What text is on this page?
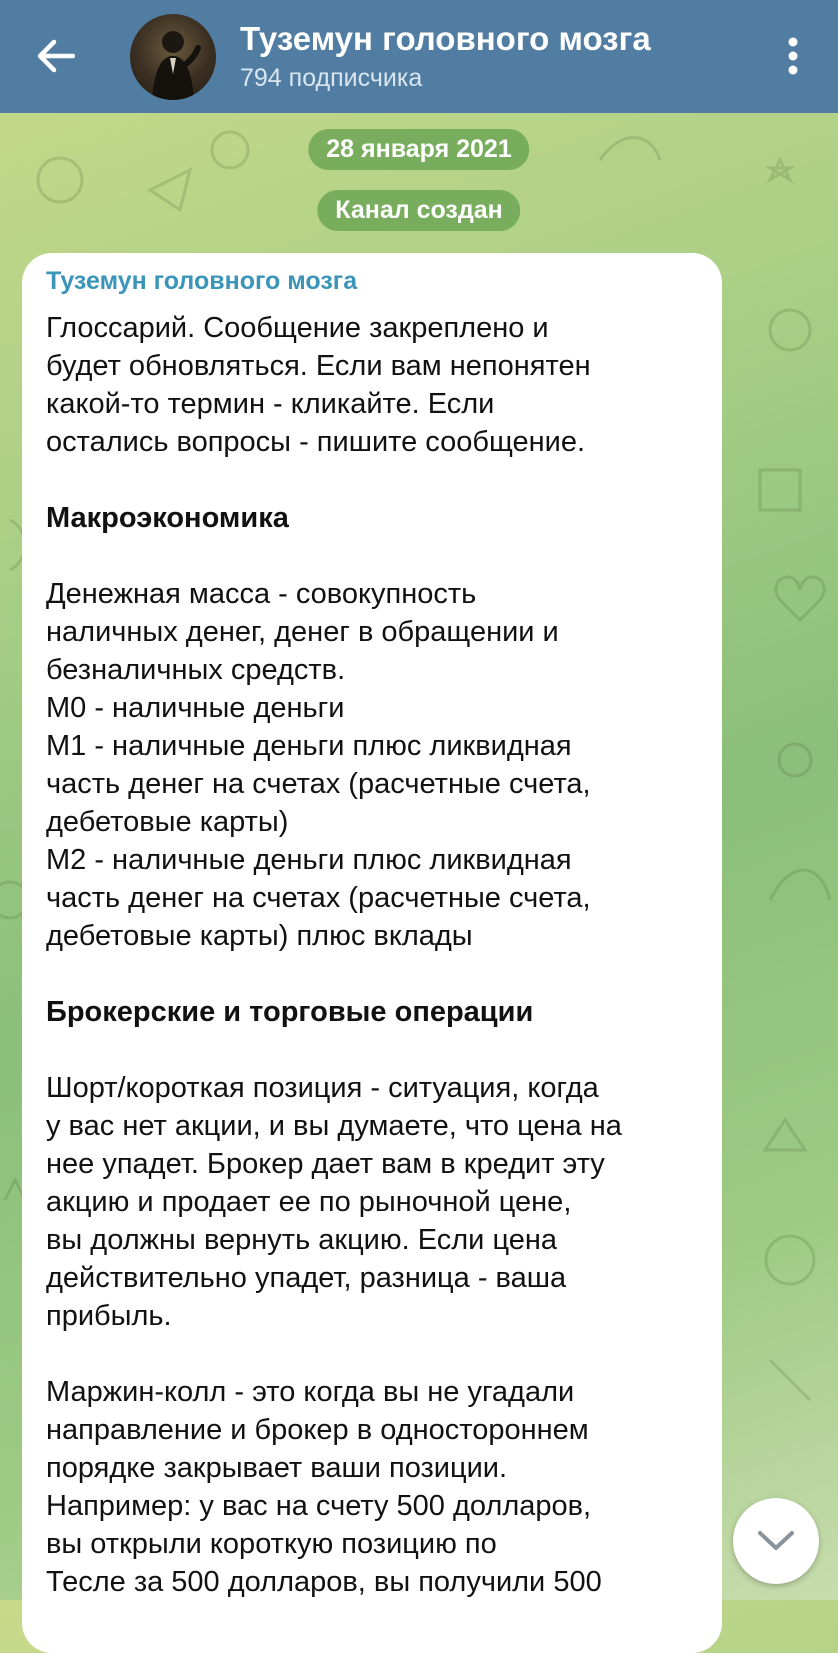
Туземун головного мозга
794 подписчика
28 января 2021
Канал создан
Туземун головного мозга

Глоссарий. Сообщение закреплено и

будет обновляться. Если вам непонятен

какой-то термин - кликайте. Если

остались вопросы - пишите сообщение.

Макроэкономика

Денежная масса - совокупность

наличных денег, денег в обращении и

безналичных средств.

M0 - наличные деньги

M1 - наличные деньги плюс ликвидная

часть денег на счетах (расчетные счета,

дебетовые карты)

M2 - наличные деньги плюс ликвидная

часть денег на счетах (расчетные счета,

дебетовые карты) плюс вклады

Брокерские и торговые операции

Шорт/короткая позиция - ситуация, когда

у вас нет акции, и вы думаете, что цена на

нее упадет. Брокер дает вам в кредит эту

акцию и продает ее по рыночной цене,

вы должны вернуть акцию. Если цена

действительно упадет, разница - ваша

прибыль.

Маржин-колл - это когда вы не угадали

направление и брокер в одностороннем

порядке закрывает ваши позиции.

Например: у вас на счету 500 долларов,

вы открыли короткую позицию по

Тесле за 500 долларов, вы получили 500
